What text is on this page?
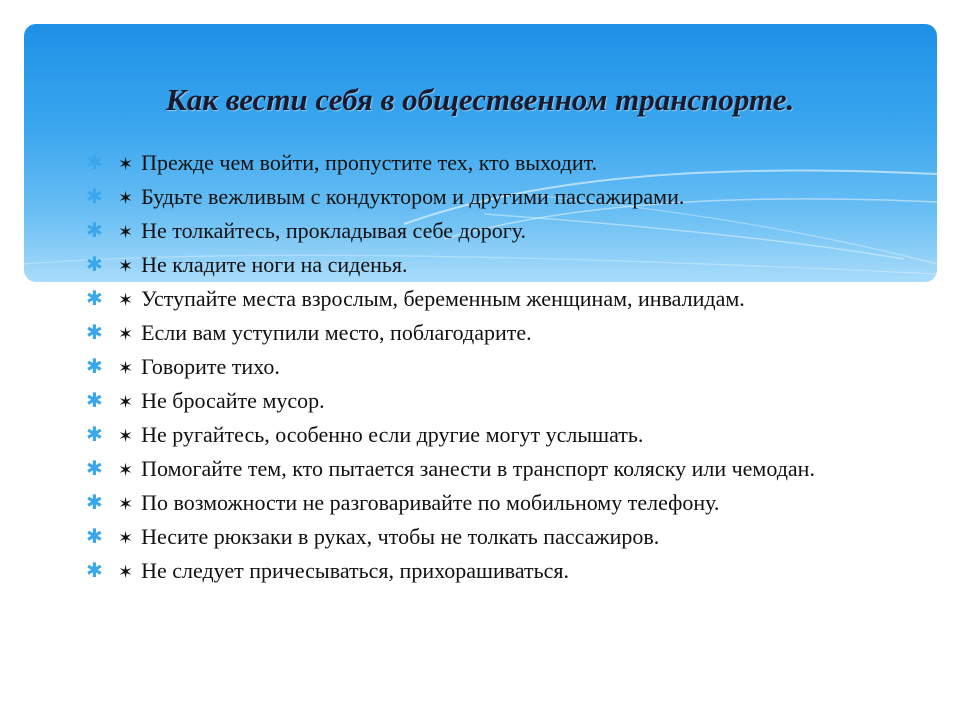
Как вести себя в общественном транспорте.
✱ ✶ Прежде чем войти, пропустите тех, кто выходит.
✱ ✶ Будьте вежливым с кондуктором и другими пассажирами.
✱ ✶ Не толкайтесь, прокладывая себе дорогу.
✱ ✶ Не кладите ноги на сиденья.
✱ ✶ Уступайте места взрослым, беременным женщинам, инвалидам.
✱ ✶ Если вам уступили место, поблагодарите.
✱ ✶ Говорите тихо.
✱ ✶ Не бросайте мусор.
✱ ✶ Не ругайтесь, особенно если другие могут услышать.
✱ ✶ Помогайте тем, кто пытается занести в транспорт коляску или чемодан.
✱ ✶ По возможности не разговаривайте по мобильному телефону.
✱ ✶ Несите рюкзаки в руках, чтобы не толкать пассажиров.
✱ ✶ Не следует причесываться, прихорашиваться.
